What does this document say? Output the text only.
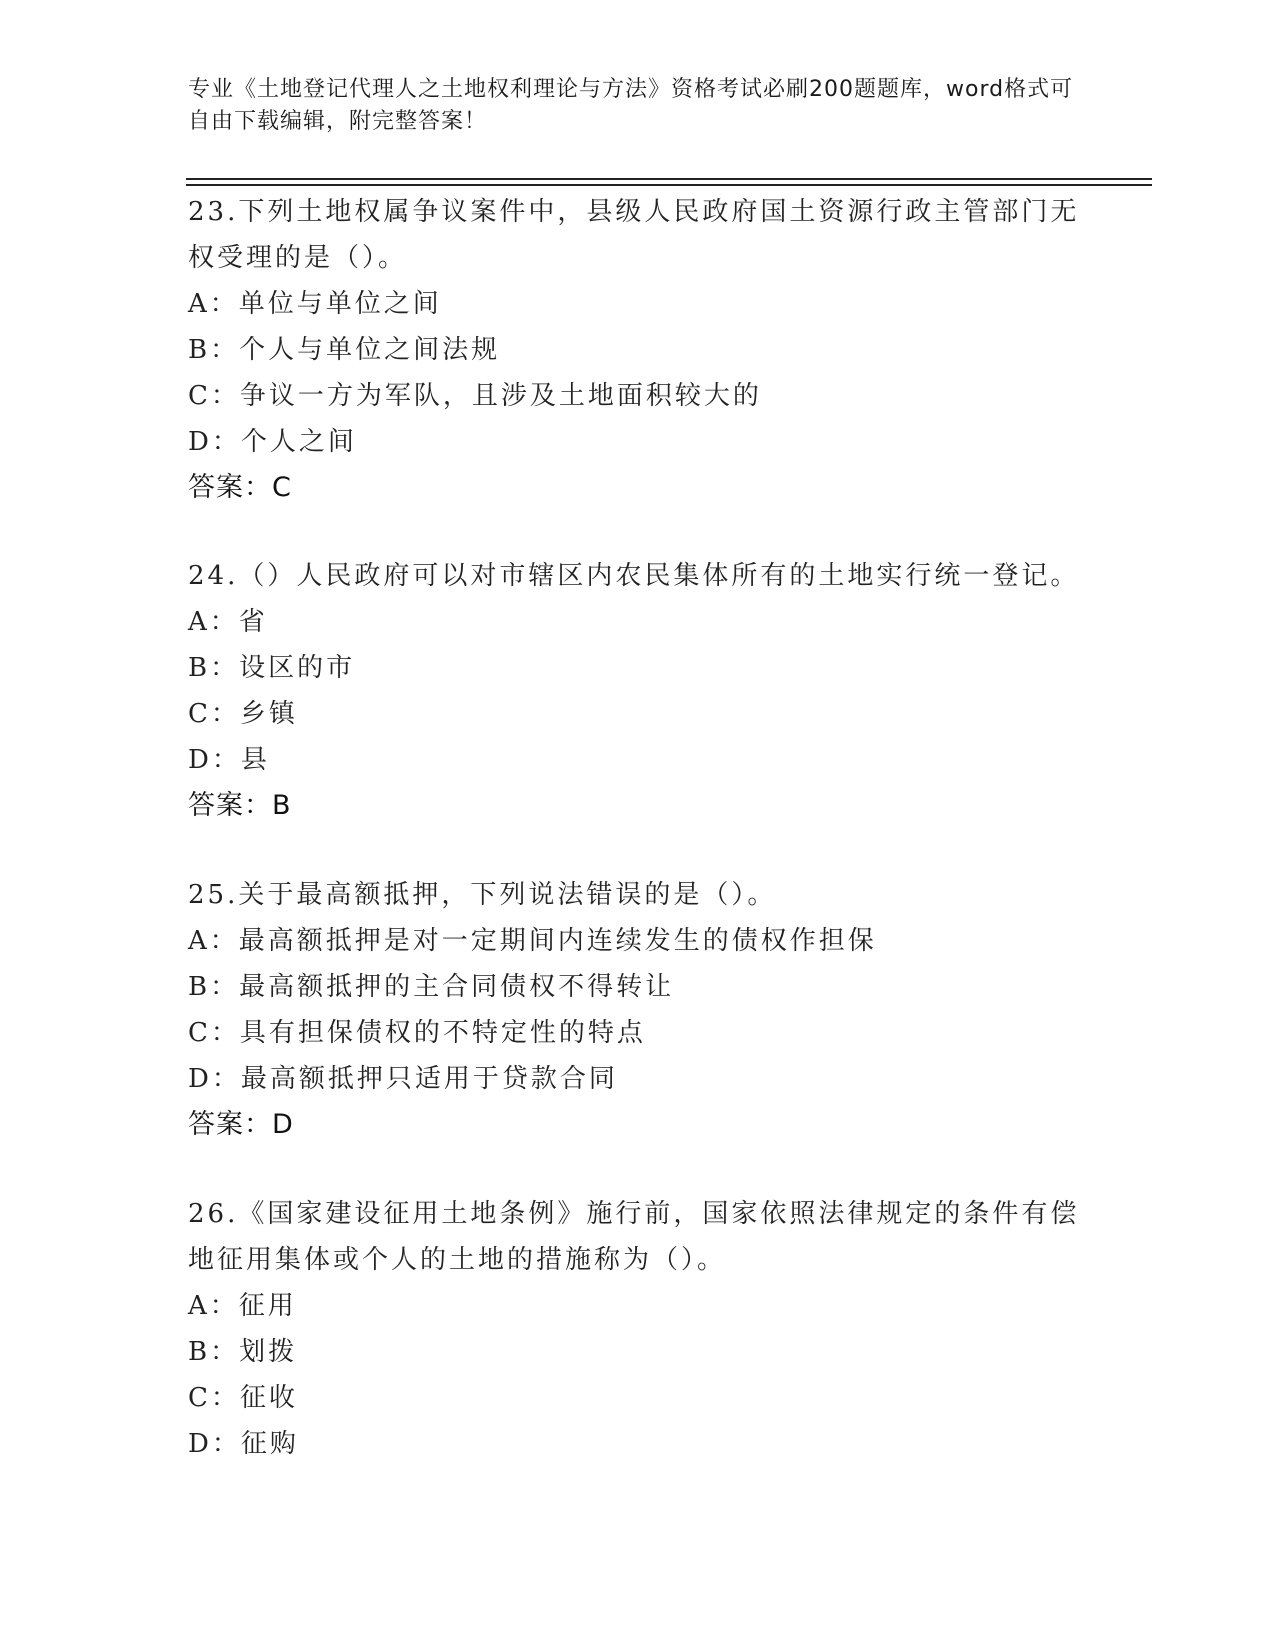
专业《土地登记代理人之土地权利理论与方法》资格考试必刷200题题库，word格式可自由下载编辑，附完整答案！

23.下列土地权属争议案件中，县级人民政府国土资源行政主管部门无权受理的是（）。

A：单位与单位之间
B：个人与单位之间法规
C：争议一方为军队，且涉及土地面积较大的
D：个人之间
答案：C

24.（）人民政府可以对市辖区内农民集体所有的土地实行统一登记。

A：省
B：设区的市
C：乡镇
D：县
答案：B

25.关于最高额抵押，下列说法错误的是（）。

A：最高额抵押是对一定期间内连续发生的债权作担保
B：最高额抵押的主合同债权不得转让
C：具有担保债权的不特定性的特点
D：最高额抵押只适用于贷款合同
答案：D

26.《国家建设征用土地条例》施行前，国家依照法律规定的条件有偿地征用集体或个人的土地的措施称为（）。

A：征用
B：划拨
C：征收
D：征购
